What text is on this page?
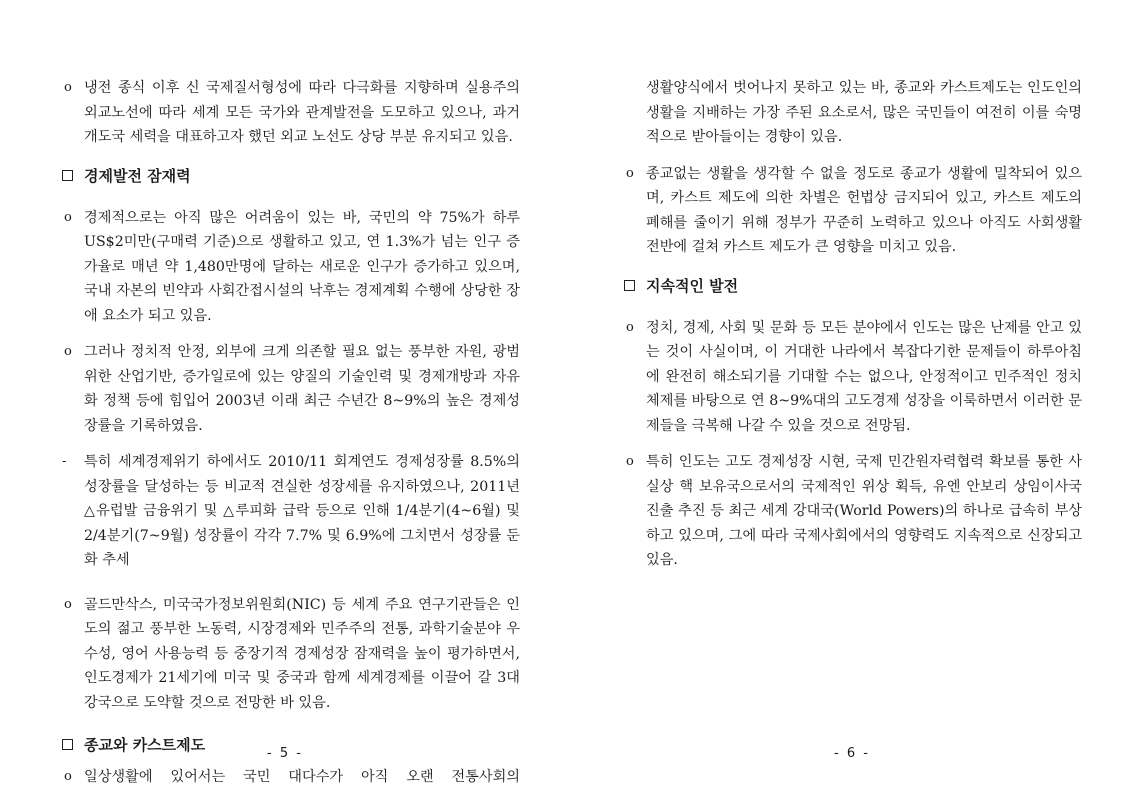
o 냉전 종식 이후 신 국제질서형성에 따라 다극화를 지향하며 실용주의 외교노선에 따라 세계 모든 국가와 관계발전을 도모하고 있으나, 과거 개도국 세력을 대표하고자 했던 외교 노선도 상당 부분 유지되고 있음.
경제발전 잠재력
o 경제적으로는 아직 많은 어려움이 있는 바, 국민의 약 75%가 하루 US$2미만(구매력 기준)으로 생활하고 있고, 연 1.3%가 넘는 인구 증가율로 매년 약 1,480만명에 달하는 새로운 인구가 증가하고 있으며, 국내 자본의 빈약과 사회간접시설의 낙후는 경제계획 수행에 상당한 장애 요소가 되고 있음.
o 그러나 정치적 안정, 외부에 크게 의존할 필요 없는 풍부한 자원, 광범위한 산업기반, 증가일로에 있는 양질의 기술인력 및 경제개방과 자유화 정책 등에 힘입어 2003년 이래 최근 수년간 8~9%의 높은 경제성장률을 기록하였음.
- 특히 세계경제위기 하에서도 2010/11 회계연도 경제성장률 8.5%의 성장률을 달성하는 등 비교적 견실한 성장세를 유지하였으나, 2011년 △유럽발 금융위기 및 △루피화 급락 등으로 인해 1/4분기(4~6월) 및 2/4분기(7~9월) 성장률이 각각 7.7% 및 6.9%에 그치면서 성장률 둔화 추세
o 골드만삭스, 미국국가정보위원회(NIC) 등 세계 주요 연구기관들은 인도의 젊고 풍부한 노동력, 시장경제와 민주주의 전통, 과학기술분야 우수성, 영어 사용능력 등 중장기적 경제성장 잠재력을 높이 평가하면서, 인도경제가 21세기에 미국 및 중국과 함께 세계경제를 이끌어 갈 3대 강국으로 도약할 것으로 전망한 바 있음.
종교와 카스트제도
o 일상생활에 있어서는 국민 대다수가 아직 오랜 전통사회의
- 5 -
생활양식에서 벗어나지 못하고 있는 바, 종교와 카스트제도는 인도인의 생활을 지배하는 가장 주된 요소로서, 많은 국민들이 여전히 이를 숙명적으로 받아들이는 경향이 있음.
o 종교없는 생활을 생각할 수 없을 정도로 종교가 생활에 밀착되어 있으며, 카스트 제도에 의한 차별은 헌법상 금지되어 있고, 카스트 제도의 폐해를 줄이기 위해 정부가 꾸준히 노력하고 있으나 아직도 사회생활 전반에 걸쳐 카스트 제도가 큰 영향을 미치고 있음.
지속적인 발전
o 정치, 경제, 사회 및 문화 등 모든 분야에서 인도는 많은 난제를 안고 있는 것이 사실이며, 이 거대한 나라에서 복잡다기한 문제들이 하루아침에 완전히 해소되기를 기대할 수는 없으나, 안정적이고 민주적인 정치체제를 바탕으로 연 8~9%대의 고도경제 성장을 이룩하면서 이러한 문제들을 극복해 나갈 수 있을 것으로 전망됨.
o 특히 인도는 고도 경제성장 시현, 국제 민간원자력협력 확보를 통한 사실상 핵 보유국으로서의 국제적인 위상 획득, 유엔 안보리 상임이사국 진출 추진 등 최근 세계 강대국(World Powers)의 하나로 급속히 부상하고 있으며, 그에 따라 국제사회에서의 영향력도 지속적으로 신장되고 있음.
- 6 -
